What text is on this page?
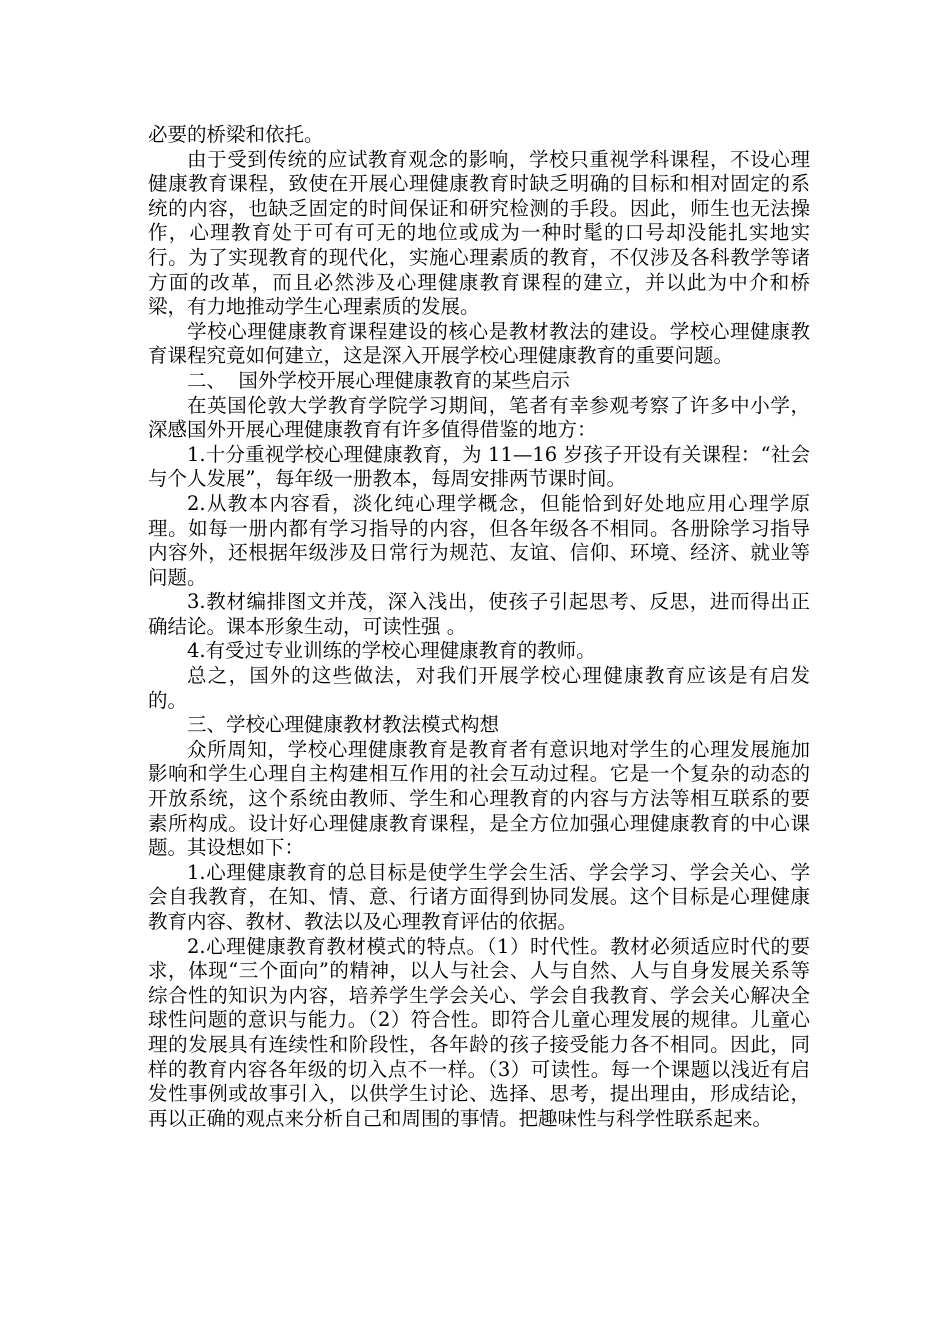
必要的桥梁和依托。

由于受到传统的应试教育观念的影响，学校只重视学科课程，不设心理健康教育课程，致使在开展心理健康教育时缺乏明确的目标和相对固定的系统的内容，也缺乏固定的时间保证和研究检测的手段。因此，师生也无法操作，心理教育处于可有可无的地位或成为一种时髦的口号却没能扎实地实行。为了实现教育的现代化，实施心理素质的教育，不仅涉及各科教学等诸方面的改革，而且必然涉及心理健康教育课程的建立，并以此为中介和桥梁，有力地推动学生心理素质的发展。

学校心理健康教育课程建设的核心是教材教法的建设。学校心理健康教育课程究竟如何建立，这是深入开展学校心理健康教育的重要问题。

二、  国外学校开展心理健康教育的某些启示

在英国伦敦大学教育学院学习期间，笔者有幸参观考察了许多中小学，深感国外开展心理健康教育有许多值得借鉴的地方：

1.十分重视学校心理健康教育，为 11—16 岁孩子开设有关课程：“社会与个人发展”，每年级一册教本，每周安排两节课时间。

2.从教本内容看，淡化纯心理学概念，但能恰到好处地应用心理学原理。如每一册内都有学习指导的内容，但各年级各不相同。各册除学习指导内容外，还根据年级涉及日常行为规范、友谊、信仰、环境、经济、就业等问题。

3.教材编排图文并茂，深入浅出，使孩子引起思考、反思，进而得出正确结论。课本形象生动，可读性强 。

4.有受过专业训练的学校心理健康教育的教师。

总之，国外的这些做法，对我们开展学校心理健康教育应该是有启发的。

三、学校心理健康教材教法模式构想

众所周知，学校心理健康教育是教育者有意识地对学生的心理发展施加影响和学生心理自主构建相互作用的社会互动过程。它是一个复杂的动态的开放系统，这个系统由教师、学生和心理教育的内容与方法等相互联系的要素所构成。设计好心理健康教育课程，是全方位加强心理健康教育的中心课题。其设想如下：

1.心理健康教育的总目标是使学生学会生活、学会学习、学会关心、学会自我教育，在知、情、意、行诸方面得到协同发展。这个目标是心理健康教育内容、教材、教法以及心理教育评估的依据。

2.心理健康教育教材模式的特点。（1）时代性。教材必须适应时代的要求，体现“三个面向”的精神，以人与社会、人与自然、人与自身发展关系等综合性的知识为内容，培养学生学会关心、学会自我教育、学会关心解决全球性问题的意识与能力。（2）符合性。即符合儿童心理发展的规律。儿童心理的发展具有连续性和阶段性，各年龄的孩子接受能力各不相同。因此，同样的教育内容各年级的切入点不一样。（3）可读性。每一个课题以浅近有启发性事例或故事引入，以供学生讨论、选择、思考，提出理由，形成结论，再以正确的观点来分析自己和周围的事情。把趣味性与科学性联系起来。
